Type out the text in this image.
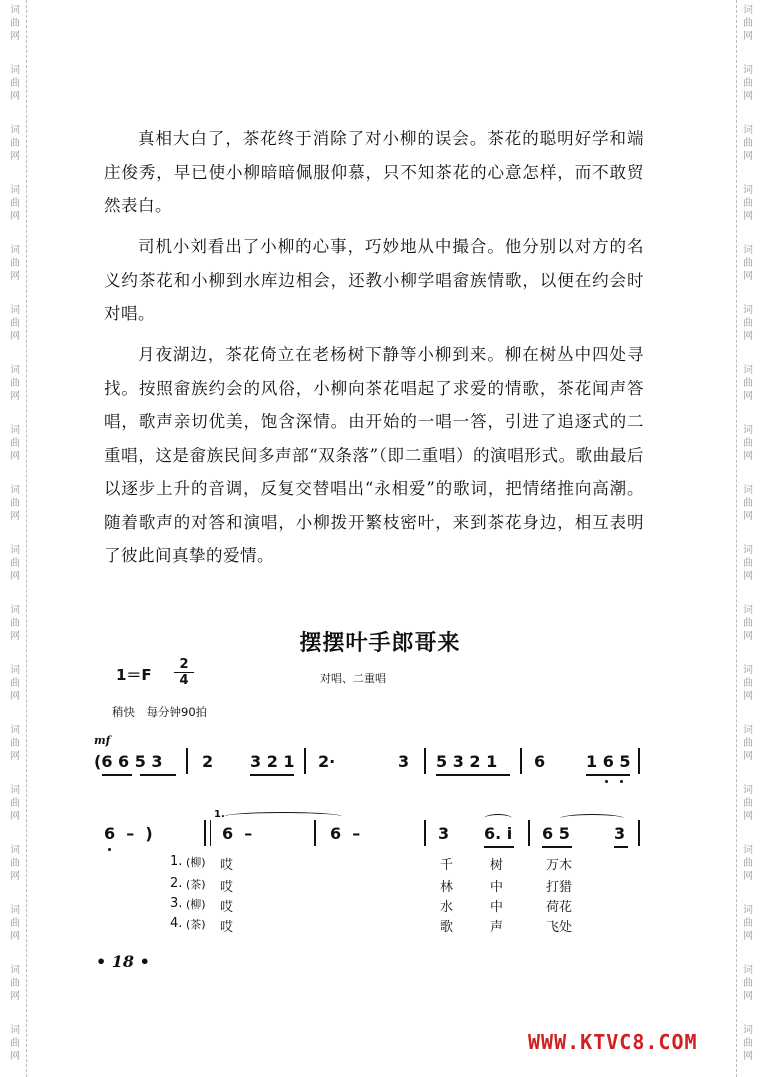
词
曲
网
词
曲
网
词
曲
网
词
曲
网
词
曲
网
词
曲
网
词
曲
网
词
曲
网
词
曲
网
词
曲
网
词
曲
网
词
曲
网
词
曲
网
词
曲
网
词
曲
网
词
曲
网
词
曲
网
词
曲
网
词
曲
网
词
曲
网
词
曲
网
词
曲
网
词
曲
网
词
曲
网
词
曲
网
词
曲
网
词
曲
网
词
曲
网
词
曲
网
词
曲
网
词
曲
网
词
曲
网
词
曲
网
词
曲
网
词
曲
网
词
曲
网
真相大白了，茶花终于消除了对小柳的误会。茶花的聪明好学和端庄俊秀，早已使小柳暗暗佩服仰慕，只不知茶花的心意怎样，而不敢贸然表白。
司机小刘看出了小柳的心事，巧妙地从中撮合。他分别以对方的名义约茶花和小柳到水库边相会，还教小柳学唱畲族情歌，以便在约会时对唱。
月夜湖边，茶花倚立在老杨树下静等小柳到来。柳在树丛中四处寻找。按照畲族约会的风俗，小柳向茶花唱起了求爱的情歌，茶花闻声答唱，歌声亲切优美，饱含深情。由开始的一唱一答，引进了追逐式的二重唱，这是畲族民间多声部“双条落”（即二重唱）的演唱形式。歌曲最后以逐步上升的音调，反复交替唱出“永相爱”的歌词，把情绪推向高潮。随着歌声的对答和演唱，小柳拨开繁枝密叶，来到茶花身边，相互表明了彼此间真挚的爱情。
摆摆叶手郎哥来
1＝F
2
4	对唱、二重唱
稍快　每分钟90拍
mf
(6 6 5 3 2 3 2 1 2·	3 5 3 2 1 6	1 6 5
6  –  )
1.
6  –	6  –	3 6. i 6 5	3
1. (柳) 哎	千	树	万木
2. (茶) 哎	林	中	打猎
3. (柳) 哎	水	中	荷花
4. (茶) 哎	歌	声	飞处
• 18 •
WWW.KTVC8.COM
